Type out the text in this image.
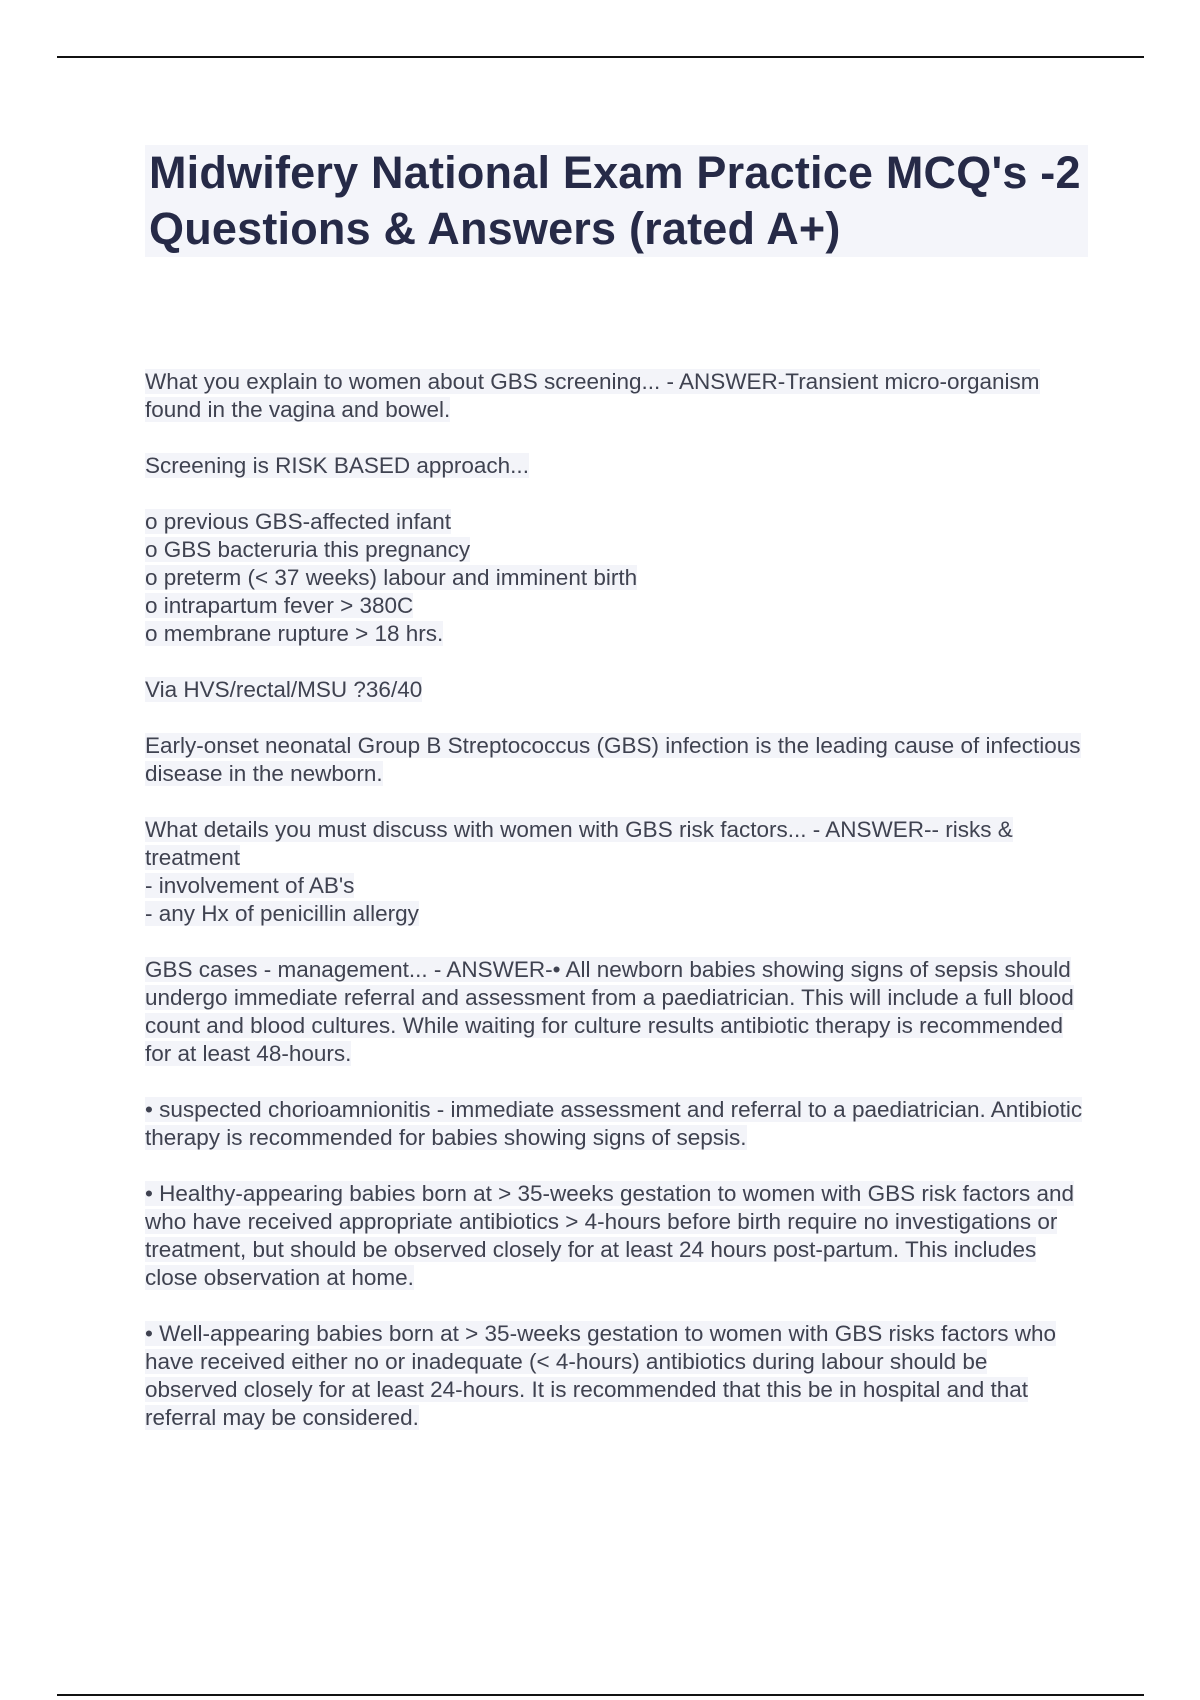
Midwifery National Exam Practice MCQ's -2 Questions & Answers (rated A+)

What you explain to women about GBS screening... - ANSWER-Transient micro-organism found in the vagina and bowel.

Screening is RISK BASED approach...

o previous GBS-affected infant
o GBS bacteruria this pregnancy
o preterm (< 37 weeks) labour and imminent birth
o intrapartum fever > 380C
o membrane rupture > 18 hrs.

Via HVS/rectal/MSU ?36/40

Early-onset neonatal Group B Streptococcus (GBS) infection is the leading cause of infectious disease in the newborn.

What details you must discuss with women with GBS risk factors... - ANSWER-- risks & treatment
- involvement of AB's
- any Hx of penicillin allergy

GBS cases - management... - ANSWER-• All newborn babies showing signs of sepsis should undergo immediate referral and assessment from a paediatrician. This will include a full blood count and blood cultures. While waiting for culture results antibiotic therapy is recommended for at least 48-hours.

• suspected chorioamnionitis - immediate assessment and referral to a paediatrician. Antibiotic therapy is recommended for babies showing signs of sepsis.

• Healthy-appearing babies born at > 35-weeks gestation to women with GBS risk factors and who have received appropriate antibiotics > 4-hours before birth require no investigations or treatment, but should be observed closely for at least 24 hours post-partum. This includes close observation at home.

• Well-appearing babies born at > 35-weeks gestation to women with GBS risks factors who have received either no or inadequate (< 4-hours) antibiotics during labour should be observed closely for at least 24-hours. It is recommended that this be in hospital and that referral may be considered.
